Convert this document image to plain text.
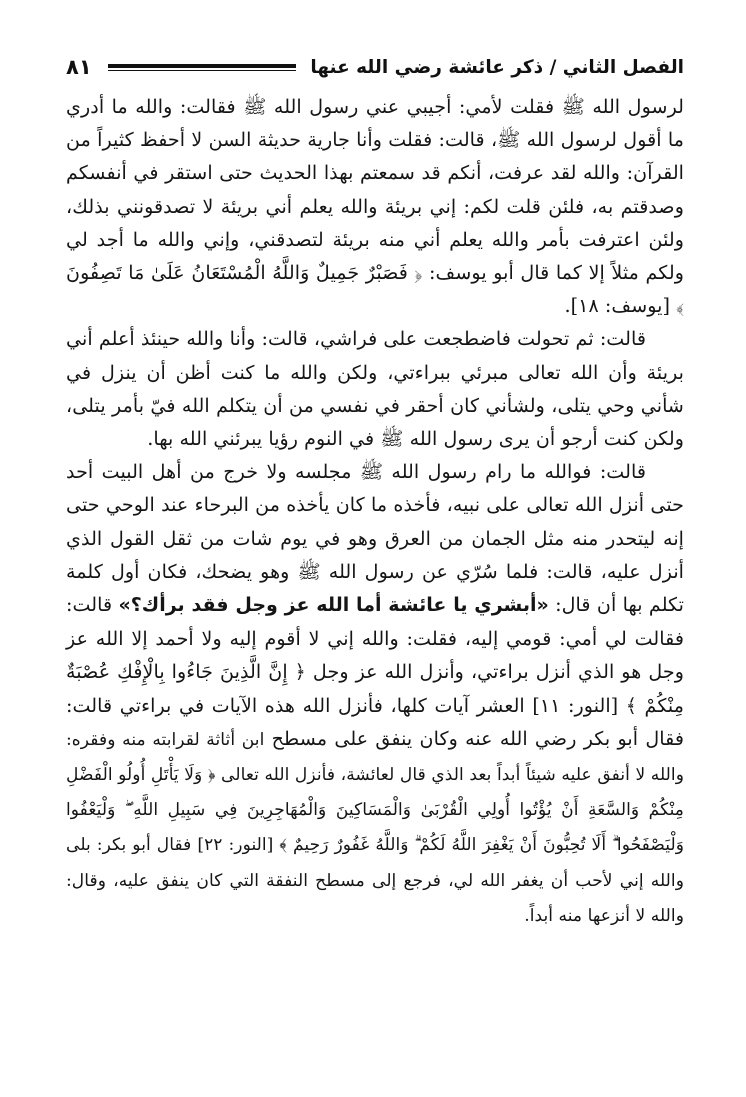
الفصل الثاني / ذكر عائشة رضي الله عنها
٨١

لرسول الله ﷺ فقلت لأمي: أجيبي عني رسول الله ﷺ فقالت: والله ما أدري ما أقول لرسول الله ﷺ، قالت: فقلت وأنا جارية حديثة السن لا أحفظ كثيراً من القرآن: والله لقد عرفت، أنكم قد سمعتم بهذا الحديث حتى استقر في أنفسكم وصدقتم به، فلئن قلت لكم: إني بريئة والله يعلم أني بريئة لا تصدقونني بذلك، ولئن اعترفت بأمر والله يعلم أني منه بريئة لتصدقني، وإني والله ما أجد لي ولكم مثلاً إلا كما قال أبو يوسف: ﴿ فَصَبْرٌ جَمِيلٌ وَاللَّهُ الْمُسْتَعَانُ عَلَىٰ مَا تَصِفُونَ ﴾ [يوسف: ١٨].

قالت: ثم تحولت فاضطجعت على فراشي، قالت: وأنا والله حينئذ أعلم أني بريئة وأن الله تعالى مبرئي ببراءتي، ولكن والله ما كنت أظن أن ينزل في شأني وحي يتلى، ولشأني كان أحقر في نفسي من أن يتكلم الله فيّ بأمر يتلى، ولكن كنت أرجو أن يرى رسول الله ﷺ في النوم رؤيا يبرئني الله بها.

قالت: فوالله ما رام رسول الله ﷺ مجلسه ولا خرج من أهل البيت أحد حتى أنزل الله تعالى على نبيه، فأخذه ما كان يأخذه من البرحاء عند الوحي حتى إنه ليتحدر منه مثل الجمان من العرق وهو في يوم شات من ثقل القول الذي أنزل عليه، قالت: فلما سُرّي عن رسول الله ﷺ وهو يضحك، فكان أول كلمة تكلم بها أن قال: «أبشري يا عائشة أما الله عز وجل فقد برأك؟» قالت: فقالت لي أمي: قومي إليه، فقلت: والله إني لا أقوم إليه ولا أحمد إلا الله عز وجل هو الذي أنزل براءتي، وأنزل الله عز وجل ﴿ إِنَّ الَّذِينَ جَاءُوا بِالْإِفْكِ عُصْبَةٌ مِنْكُمْ ﴾ [النور: ١١] العشر آيات كلها، فأنزل الله هذه الآيات في براءتي قالت: فقال أبو بكر رضي الله عنه وكان ينفق على مسطح ابن أثاثة لقرابته منه وفقره: والله لا أنفق عليه شيئاً أبداً بعد الذي قال لعائشة، فأنزل الله تعالى ﴿ وَلَا يَأْتَلِ أُولُو الْفَضْلِ مِنْكُمْ وَالسَّعَةِ أَنْ يُؤْتُوا أُولِي الْقُرْبَىٰ وَالْمَسَاكِينَ وَالْمُهَاجِرِينَ فِي سَبِيلِ اللَّهِ ۖ وَلْيَعْفُوا وَلْيَصْفَحُوا ۗ أَلَا تُحِبُّونَ أَنْ يَغْفِرَ اللَّهُ لَكُمْ ۗ وَاللَّهُ غَفُورٌ رَحِيمٌ ﴾ [النور: ٢٢] فقال أبو بكر: بلى والله إني لأحب أن يغفر الله لي، فرجع إلى مسطح النفقة التي كان ينفق عليه، وقال: والله لا أنزعها منه أبداً.
